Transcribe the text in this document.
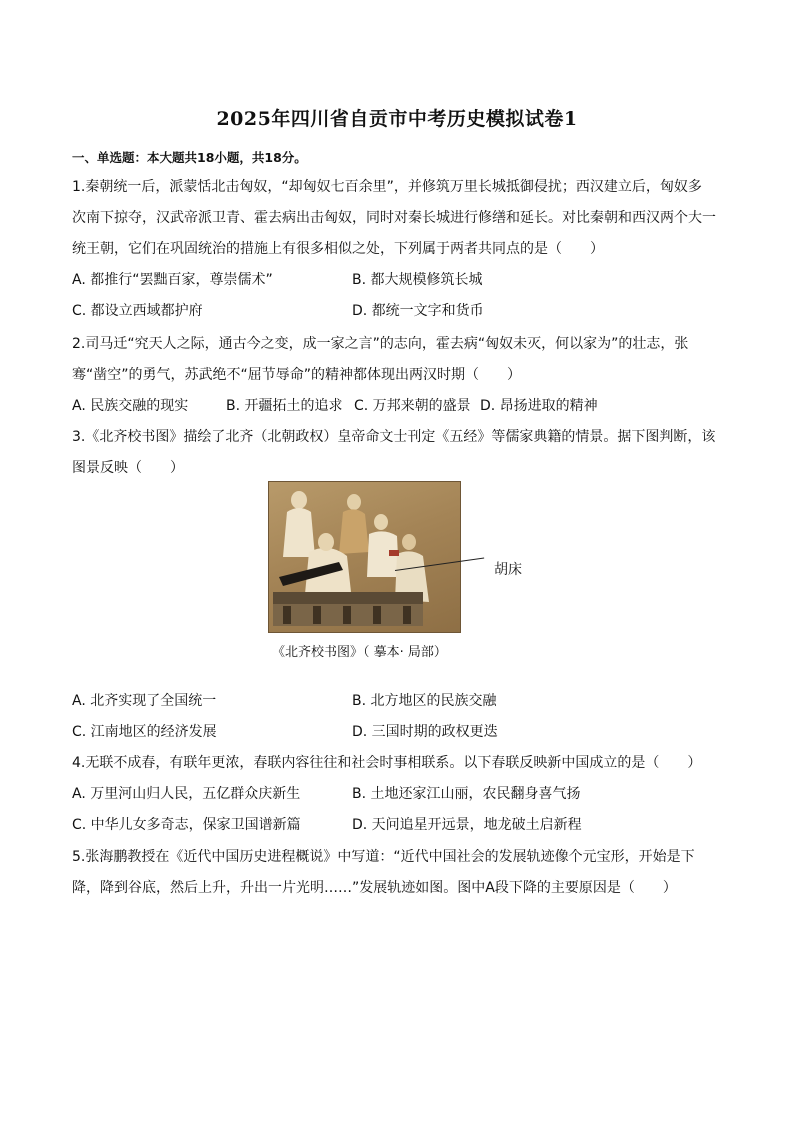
2025年四川省自贡市中考历史模拟试卷1
一、单选题：本大题共18小题，共18分。
1.秦朝统一后，派蒙恬北击匈奴，“却匈奴七百余里”，并修筑万里长城抵御侵扰；西汉建立后，匈奴多
次南下掠夺，汉武帝派卫青、霍去病出击匈奴，同时对秦长城进行修缮和延长。对比秦朝和西汉两个大一
统王朝，它们在巩固统治的措施上有很多相似之处，下列属于两者共同点的是（　　）
A. 都推行“罢黜百家，尊崇儒术”	B. 都大规模修筑长城
C. 都设立西域都护府	D. 都统一文字和货币
2.司马迁“究天人之际，通古今之变，成一家之言”的志向，霍去病“匈奴未灭，何以家为”的壮志，张
骞“凿空”的勇气，苏武绝不“屈节辱命”的精神都体现出两汉时期（　　）
A. 民族交融的现实	B. 开疆拓土的追求 C. 万邦来朝的盛景 D. 昂扬进取的精神
3.《北齐校书图》描绘了北齐（北朝政权）皇帝命文士刊定《五经》等儒家典籍的情景。据下图判断，该
图景反映（　　）
胡床
《北齐校书图》（ 摹本· 局部）
A. 北齐实现了全国统一	B. 北方地区的民族交融
C. 江南地区的经济发展	D. 三国时期的政权更迭
4.无联不成春，有联年更浓，春联内容往往和社会时事相联系。以下春联反映新中国成立的是（　　）
A. 万里河山归人民，五亿群众庆新生	B. 土地还家江山丽，农民翻身喜气扬
C. 中华儿女多奇志，保家卫国谱新篇	D. 天问追星开远景，地龙破土启新程
5.张海鹏教授在《近代中国历史进程概说》中写道：“近代中国社会的发展轨迹像个元宝形，开始是下
降，降到谷底，然后上升，升出一片光明……”发展轨迹如图。图中A段下降的主要原因是（　　）
